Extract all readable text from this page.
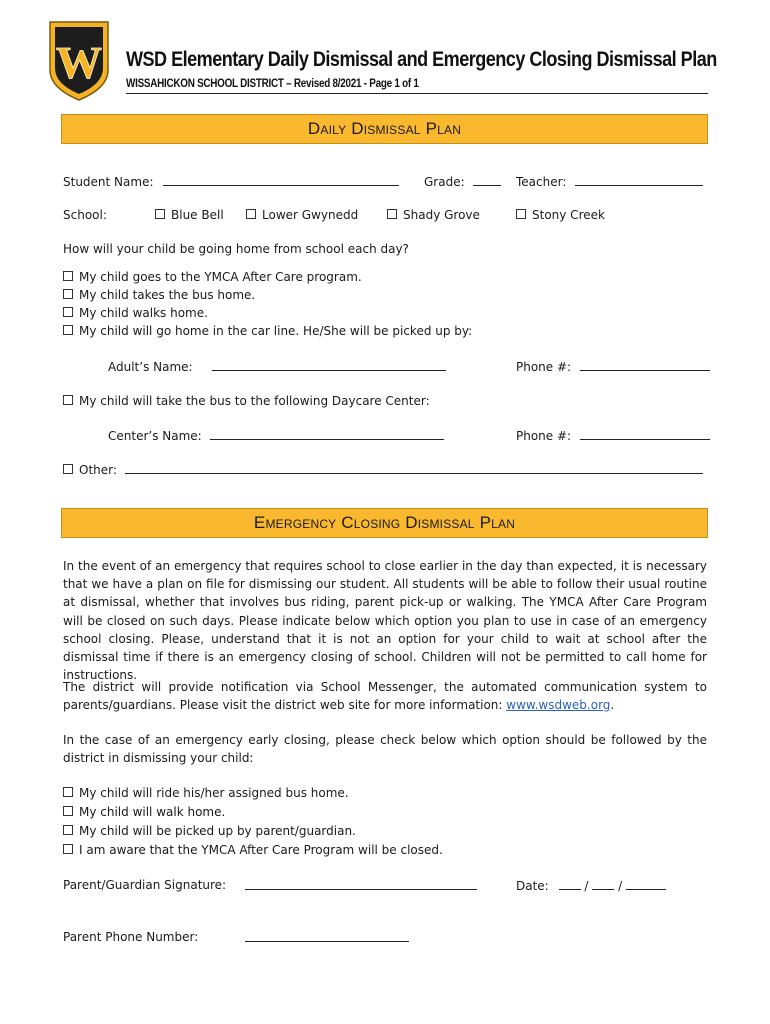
W WSD Elementary Daily Dismissal and Emergency Closing Dismissal Plan
WISSAHICKON SCHOOL DISTRICT – Revised 8/2021 - Page 1 of 1
Daily Dismissal Plan
Student Name:	Grade:	Teacher:
School:	Blue Bell	Lower Gwynedd	Shady Grove	Stony Creek
How will your child be going home from school each day?
My child goes to the YMCA After Care program.
My child takes the bus home.
My child walks home.
My child will go home in the car line. He/She will be picked up by:
Adult’s Name:	Phone #:
My child will take the bus to the following Daycare Center:
Center’s Name:	Phone #:
Other:
Emergency Closing Dismissal Plan
In the event of an emergency that requires school to close earlier in the day than expected, it is necessary that we have a plan on file for dismissing our student. All students will be able to follow their usual routine at dismissal, whether that involves bus riding, parent pick-up or walking. The YMCA After Care Program will be closed on such days. Please indicate below which option you plan to use in case of an emergency school closing. Please, understand that it is not an option for your child to wait at school after the dismissal time if there is an emergency closing of school. Children will not be permitted to call home for instructions.
The district will provide notification via School Messenger, the automated communication system to parents/guardians. Please visit the district web site for more information: www.wsdweb.org.
In the case of an emergency early closing, please check below which option should be followed by the district in dismissing your child:
My child will ride his/her assigned bus home.
My child will walk home.
My child will be picked up by parent/guardian.
I am aware that the YMCA After Care Program will be closed.
Parent/Guardian Signature:	Date:	/ /
Parent Phone Number:
